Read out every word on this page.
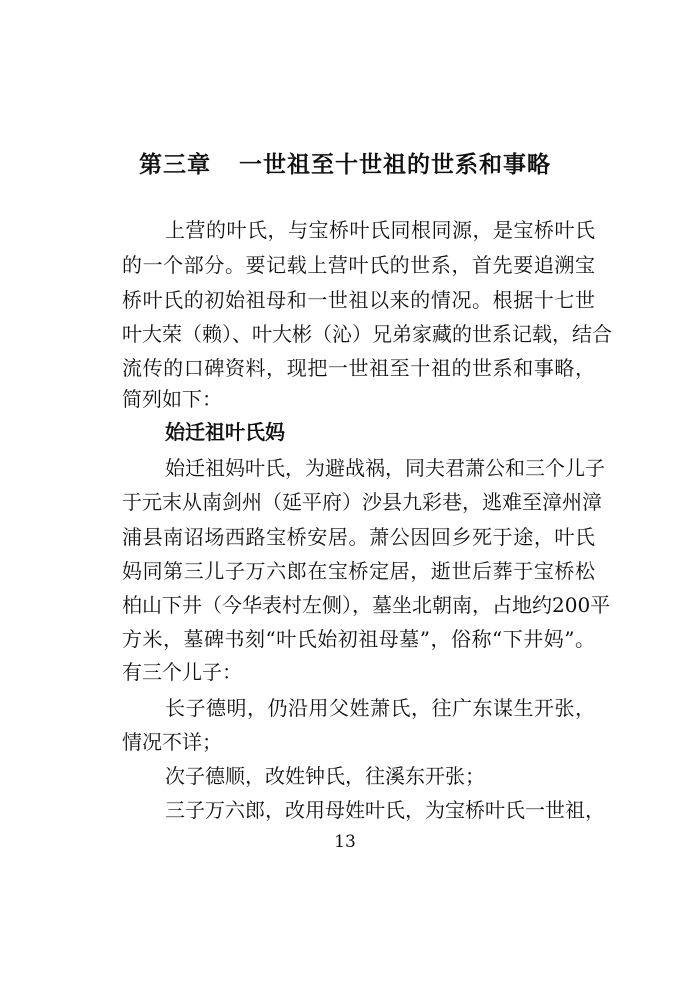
第三章 一世祖至十世祖的世系和事略
上营的叶氏，与宝桥叶氏同根同源，是宝桥叶氏
的一个部分。要记载上营叶氏的世系，首先要追溯宝
桥叶氏的初始祖母和一世祖以来的情况。根据十七世
叶大荣（赖）、叶大彬（沁）兄弟家藏的世系记载，结合
流传的口碑资料，现把一世祖至十祖的世系和事略，
简列如下：
始迁祖叶氏妈
始迁祖妈叶氏，为避战祸，同夫君萧公和三个儿子
于元末从南剑州（延平府）沙县九彩巷，逃难至漳州漳
浦县南诏场西路宝桥安居。萧公因回乡死于途，叶氏
妈同第三儿子万六郎在宝桥定居，逝世后葬于宝桥松
柏山下井（今华表村左侧），墓坐北朝南，占地约200平
方米，墓碑书刻“叶氏始初祖母墓”，俗称“下井妈”。
有三个儿子：
长子德明，仍沿用父姓萧氏，往广东谋生开张，
情况不详；
次子德顺，改姓钟氏，往溪东开张；
三子万六郎，改用母姓叶氏，为宝桥叶氏一世祖，
13
